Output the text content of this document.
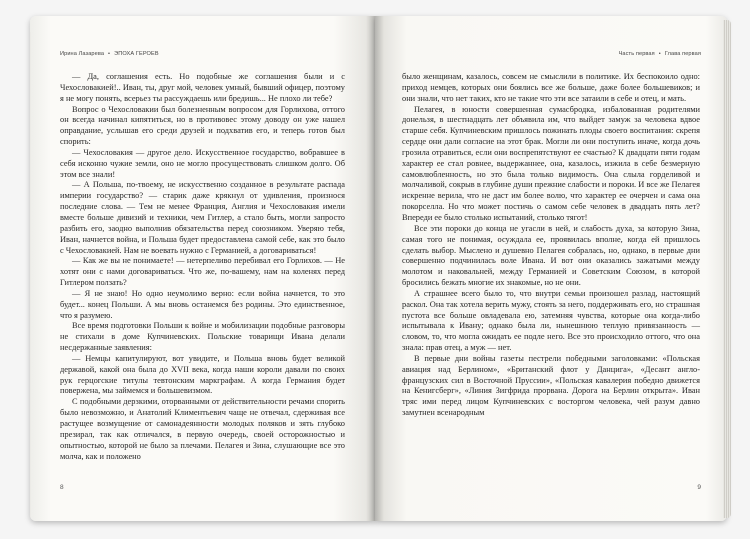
Ирина Лазарева • ЭПОХА ГЕРОЕВ

— Да, соглашения есть. Но подобные же соглашения были и с Чехословакией!.. Иван, ты, друг мой, человек умный, бывший офицер, поэтому я не могу понять, всерьез ты рассуждаешь или бредишь... Не плохо ли тебе?

Вопрос о Чехословакии был болезненным вопросом для Горлихова, оттого он всегда начинал кипятиться, но в противовес этому доводу он уже нашел оправдание, услышав его среди друзей и подхватив его, и теперь готов был спорить:

— Чехословакия — другое дело. Искусственное государство, вобравшее в себя исконно чужие земли, оно не могло просуществовать слишком долго. Об этом все знали!

— А Польша, по-твоему, не искусственно созданное в результате распада империи государство? — старик даже крякнул от удивления, произнося последние слова. — Тем не менее Франция, Англия и Чехословакия имели вместе больше дивизий и техники, чем Гитлер, а стало быть, могли запросто разбить его, заодно выполнив обязательства перед союзником. Уверяю тебя, Иван, начнется война, и Польша будет предоставлена самой себе, как это было с Чехословакией. Нам не воевать нужно с Германией, а договариваться!

— Как же вы не понимаете! — нетерпеливо перебивал его Горлихов. — Не хотят они с нами договариваться. Что же, по-вашему, нам на коленях перед Гитлером ползать?

— Я не знаю! Но одно неумолимо верно: если война начнется, то это будет... конец Польши. А мы вновь останемся без родины. Это единственное, что я разумею.

Все время подготовки Польши к войне и мобилизации подобные разговоры не стихали в доме Купчиневских. Польские товарищи Ивана делали несдержанные заявления:

— Немцы капитулируют, вот увидите, и Польша вновь будет великой державой, какой она была до XVII века, когда наши короли давали по своих рук герцогские титулы тевтонским маркграфам. А когда Германия будет повержена, мы займемся и большевизмом.

С подобными дерзкими, оторванными от действительности речами спорить было невозможно, и Анатолий Климентьевич чаще не отвечал, сдерживая все растущее возмущение от самонадеянности молодых поляков и зять глубоко презирал, так как отличался, в первую очередь, своей осторожностью и опытностью, которой не было за плечами. Пелагея и Зина, слушающие все это молча, как и положено

8
Часть первая • Глава первая

было женщинам, казалось, совсем не смыслили в политике. Их беспокоило одно: приход немцев, которых они боялись все же больше, даже более большевиков; и они знали, что нет таких, кто не такие что эти все затаили в себе и отец, и мать.

Пелагея, в юности совершенная сумасбродка, избалованная родителями донельзя, в шестнадцать лет объявила им, что выйдет замуж за человека вдвое старше себя. Купчиневским пришлось пожинать плоды своего воспитания: скрепя сердце они дали согласие на этот брак. Могли ли они поступить иначе, когда дочь грозила отравиться, если они воспрепятствуют ее счастью? К двадцати пяти годам характер ее стал ровнее, выдержаннее, она, казалось, изжила в себе безмерную самовлюбленность, но это была только видимость. Она слыла горделивой и молчаливой, сокрыв в глубине души прежние слабости и пороки. И все же Пелагея искренне верила, что не даст им более волю, что характер ее очерчен и сама она покорселла. Но что может постичь о самом себе человек в двадцать пять лет? Впереди ее было столько испытаний, столько тягот!

Все эти пороки до конца не угасли в ней, и слабость духа, за которую Зина, самая того не понимая, осуждала ее, проявилась вполне, когда ей пришлось сделать выбор. Мыслено и душевно Пелагея собралась, но, однако, в первые дни совершенно подчинилась воле Ивана. И вот они оказались зажатыми между молотом и наковальней, между Германией и Советским Союзом, в которой бросились бежать многие их знакомые, но не они.

А страшнее всего было то, что внутри семьи произошел разлад, настоящий раскол. Она так хотела верить мужу, стоять за него, поддерживать его, но страшная пустота все больше овладевала ею, затемняя чувства, которые она когда-либо испытывала к Ивану; однако была ли, нынешнюю теплую привязанность — словом, то, что могла ожидать ее подле него. Все это происходило оттого, что она знала: прав отец, а муж — нет.

В первые дни войны газеты пестрели победными заголовками: «Польская авиация над Берлином», «Британский флот у Данцига», «Десант англо-французских сил в Восточной Пруссии», «Польская кавалерия победно движется на Кенигсберг», «Линия Зигфрида прорвана. Дорога на Берлин открыта». Иван тряс ими перед лицом Купчиневских с восторгом человека, чей разум давно замутнен всенародным

9
